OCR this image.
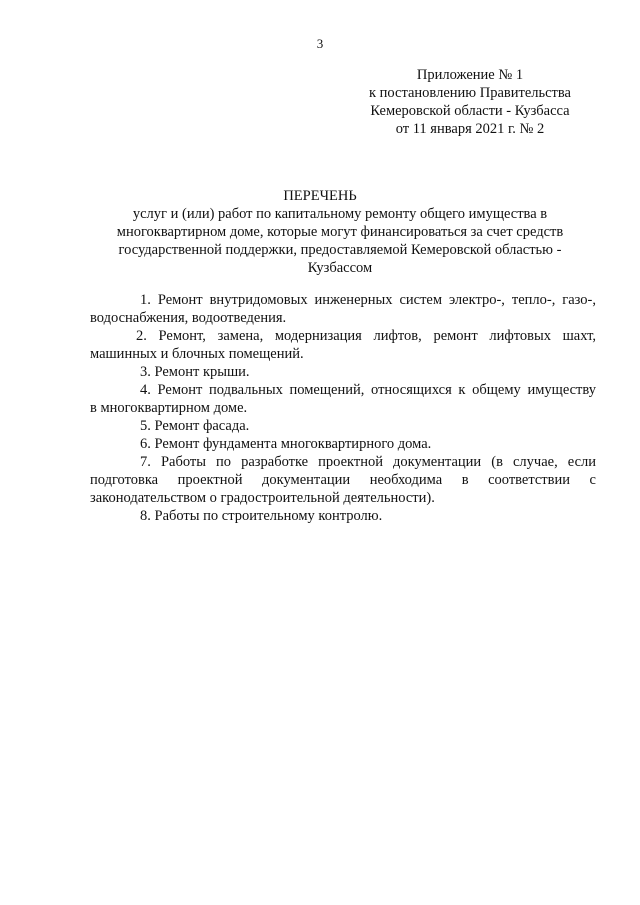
3
Приложение № 1
к постановлению Правительства
Кемеровской области - Кузбасса
от 11 января 2021 г. № 2
ПЕРЕЧЕНЬ
услуг и (или) работ по капитальному ремонту общего имущества в
многоквартирном доме, которые могут финансироваться за счет средств
государственной поддержки, предоставляемой Кемеровской областью -
Кузбассом
1. Ремонт внутридомовых инженерных систем электро-, тепло-, газо-,
водоснабжения, водоотведения.
2. Ремонт, замена, модернизация лифтов, ремонт лифтовых шахт,
машинных и блочных помещений.
3. Ремонт крыши.
4. Ремонт подвальных помещений, относящихся к общему имуществу
в многоквартирном доме.
5. Ремонт фасада.
6. Ремонт фундамента многоквартирного дома.
7. Работы по разработке проектной документации (в случае, если
подготовка проектной документации необходима в соответствии с
законодательством о градостроительной деятельности).
8. Работы по строительному контролю.
